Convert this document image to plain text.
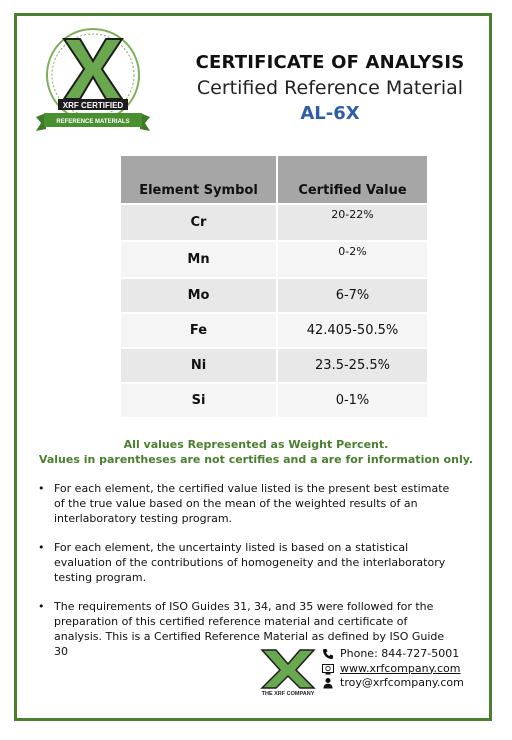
XRF CERTIFIED
REFERENCE MATERIALS
CERTIFICATE OF ANALYSIS
Certified Reference Material
AL-6X
Element Symbol	Certified Value
Cr	20-22%
Mn	0-2%
Mo	6-7%
Fe	42.405-50.5%
Ni	23.5-25.5%
Si	0-1%
All values Represented as Weight Percent.
Values in parentheses are not certifies and a are for information only.
• For each element, the certified value listed is the present best estimate of the true value based on the mean of the weighted results of an interlaboratory testing program.
• For each element, the uncertainty listed is based on a statistical evaluation of the contributions of homogeneity and the interlaboratory testing program.
• The requirements of ISO Guides 31, 34, and 35 were followed for the preparation of this certified reference material and certificate of analysis. This is a Certified Reference Material as defined by ISO Guide 30
THE XRF COMPANY
Phone: 844-727-5001
www.xrfcompany.com
troy@xrfcompany.com
